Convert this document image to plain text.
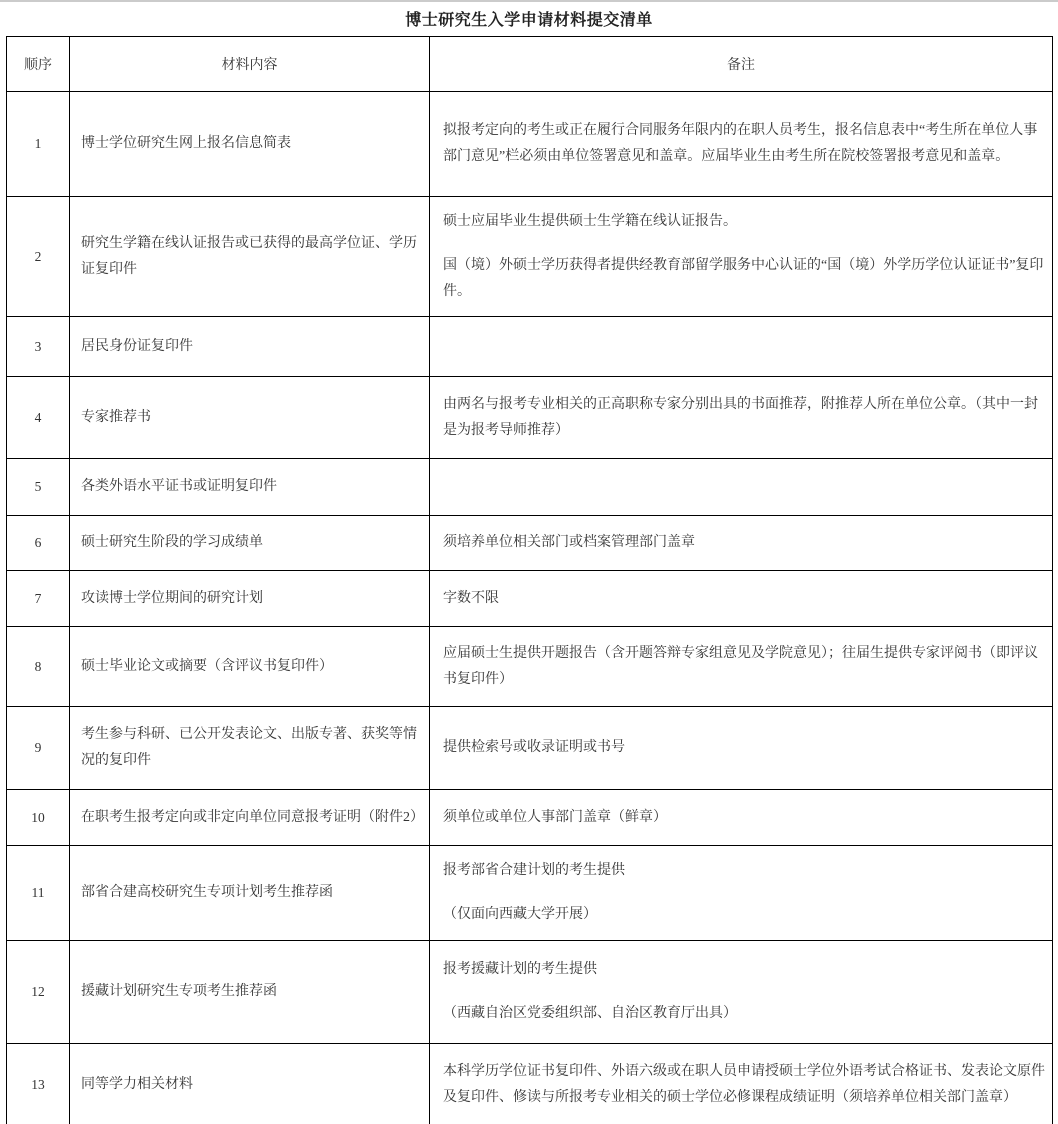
博士研究生入学申请材料提交清单
顺序	材料内容	备注
1	博士学位研究生网上报名信息简表	拟报考定向的考生或正在履行合同服务年限内的在职人员考生，报名信息表中“考生所在单位人事部门意见”栏必须由单位签署意见和盖章。应届毕业生由考生所在院校签署报考意见和盖章。

2	研究生学籍在线认证报告或已获得的最高学位证、学历证复印件	硕士应届毕业生提供硕士生学籍在线认证报告。

国（境）外硕士学历获得者提供经教育部留学服务中心认证的“国（境）外学历学位认证证书”复印件。

3	居民身份证复印件	
4	专家推荐书	由两名与报考专业相关的正高职称专家分别出具的书面推荐，附推荐人所在单位公章。（其中一封是为报考导师推荐）

5	各类外语水平证书或证明复印件	
6	硕士研究生阶段的学习成绩单	须培养单位相关部门或档案管理部门盖章

7	攻读博士学位期间的研究计划	字数不限

8	硕士毕业论文或摘要（含评议书复印件）	应届硕士生提供开题报告（含开题答辩专家组意见及学院意见）；往届生提供专家评阅书（即评议书复印件）

9	考生参与科研、已公开发表论文、出版专著、获奖等情况的复印件	提供检索号或收录证明或书号

10	在职考生报考定向或非定向单位同意报考证明（附件2）	须单位或单位人事部门盖章（鲜章）

11	部省合建高校研究生专项计划考生推荐函	报考部省合建计划的考生提供

（仅面向西藏大学开展）

12	援藏计划研究生专项考生推荐函	报考援藏计划的考生提供

（西藏自治区党委组织部、自治区教育厅出具）

13	同等学力相关材料	本科学历学位证书复印件、外语六级或在职人员申请授硕士学位外语考试合格证书、发表论文原件及复印件、修读与所报考专业相关的硕士学位必修课程成绩证明（须培养单位相关部门盖章）
